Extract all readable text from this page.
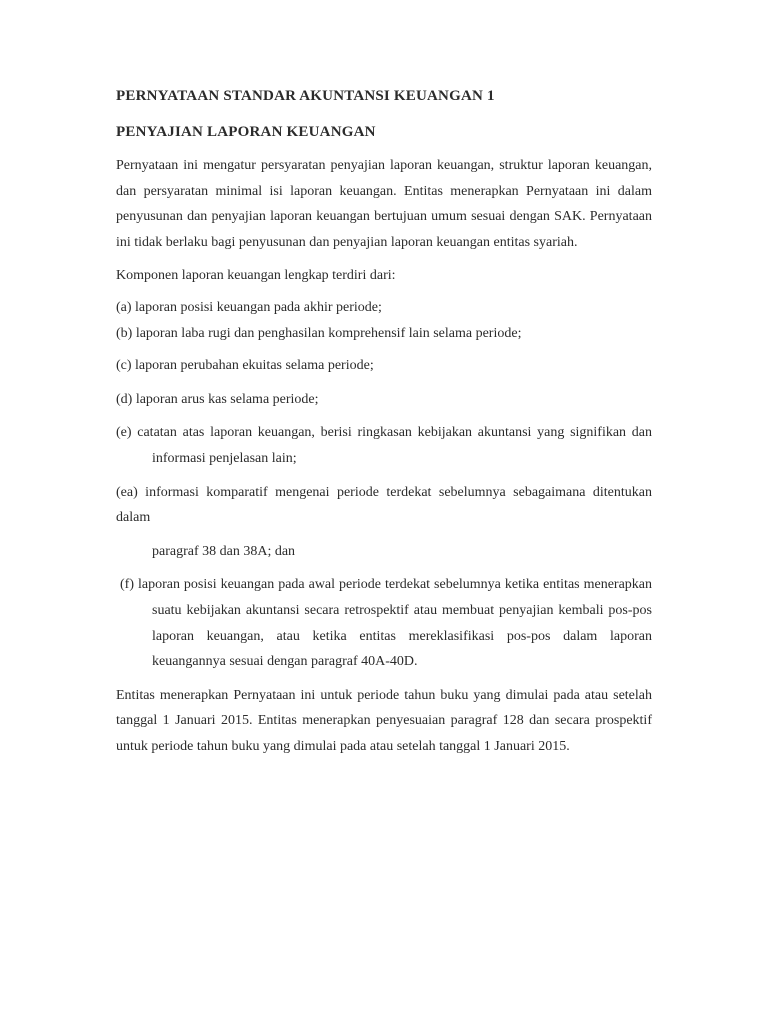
PERNYATAAN STANDAR AKUNTANSI KEUANGAN 1
PENYAJIAN LAPORAN KEUANGAN

Pernyataan ini mengatur persyaratan penyajian laporan keuangan, struktur laporan keuangan, dan persyaratan minimal isi laporan keuangan. Entitas menerapkan Pernyataan ini dalam penyusunan dan penyajian laporan keuangan bertujuan umum sesuai dengan SAK. Pernyataan ini tidak berlaku bagi penyusunan dan penyajian laporan keuangan entitas syariah.

Komponen laporan keuangan lengkap terdiri dari:

(a) laporan posisi keuangan pada akhir periode;

(b) laporan laba rugi dan penghasilan komprehensif lain selama periode;

(c) laporan perubahan ekuitas selama periode;

(d) laporan arus kas selama periode;

(e) catatan atas laporan keuangan, berisi ringkasan kebijakan akuntansi yang signifikan dan informasi penjelasan lain;

(ea) informasi komparatif mengenai periode terdekat sebelumnya sebagaimana ditentukan dalam

paragraf 38 dan 38A; dan

(f) laporan posisi keuangan pada awal periode terdekat sebelumnya ketika entitas menerapkan suatu kebijakan akuntansi secara retrospektif atau membuat penyajian kembali pos-pos laporan keuangan, atau ketika entitas mereklasifikasi pos-pos dalam laporan keuangannya sesuai dengan paragraf 40A-40D.

Entitas menerapkan Pernyataan ini untuk periode tahun buku yang dimulai pada atau setelah tanggal 1 Januari 2015. Entitas menerapkan penyesuaian paragraf 128 dan secara prospektif untuk periode tahun buku yang dimulai pada atau setelah tanggal 1 Januari 2015.
